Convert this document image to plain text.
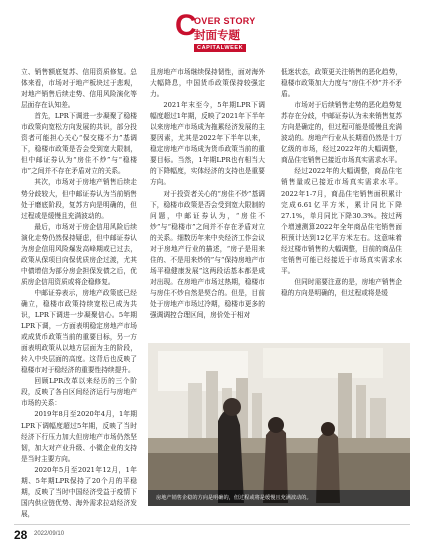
C
OVER STORY
封面专题
CAPITALWEEK

立、销售额底复苏、信用资质修复。总体来看，市场对于地产板块过于悲观，对地产销售后续走势、信用风险演化等层面存在认知差。

首先，LPR下调进一步凝聚了稳楼市政策向宽松方向发展的共识，部分投资者可能担心关心“保交楼不力”基调下，稳楼市政策是否会受到宽大限制，但中邮证券认为“房住不炒”与“稳楼市”之间并不存在矛盾对立的关系。

其次，市场对于房地产销售后续走势分歧较大，但中邮证券认为当前销售处于磨底阶段，复苏方向是明确的，但过程或是缓慢且充满波动的。

最后，市场对于房企信用风险后续演化走势仍然保持疑虑，但中邮证券认为房企信用风险爆发高峰期或已过去，政策从保项目向保优质房企过渡，尤其中债增信为部分房企担保发债之后，优质房企信用资质或将企稳修复。

中邮证券表示，房地产政策底已经确立，稳楼市政策持续宽松已成为共识，LPR下调进一步凝聚信心。5年期LPR下调，一方面表明稳定房地产市场或成货币政策当前的重要目标，另一方面表明政策从以地方层面为主的阶段，转入中央层面的高度。这背后也反映了稳楼市对于稳经济的重要性持续提升。

回顾LPR改革以来经历的三个阶段，反映了各自区间经济运行与房地产市场的关系：

2019年8月至2020年4月，1年期LPR下调幅度超过5年期，反映了当时经济下行压力加大但房地产市场仍然坚韧，加大对产业升级、小微企业的支持是当时主要方向。

2020年5月至2021年12月，1年期、5年期LPR保持了20个月的平稳期，反映了当时中国经济受益于疫情下国内供应链优势、海外需求拉动经济发展，

且房地产市场继续保持韧性，面对海外大幅降息，中国货币政策保持较强定力。

2021年末至今，5年期LPR下调幅度超过1年期，反映了2021年下半年以来房地产市场成为拖累经济发展的主要因素，尤其是2022年下半年以来，稳定房地产市场成为货币政策当前的重要目标。当然，1年期LPR也有相当大的下降幅度，实体经济的支持也是重要方向。

对于投资者关心的“房住不炒”基调下，稳楼市政策是否会受到宽大限制的问题，中邮证券认为，“房住不炒”与“稳楼市”之间并不存在矛盾对立的关系。细数历年来中央经济工作会议对于房地产行业的描述，“房子是用来住的、不是用来炒的”与“保持房地产市场平稳健康发展”这两段话基本都是成对出现。在房地产市场过热期，稳楼市与房住不炒自然是契合的。但是，目前处于房地产市场过冷期，稳楼市更多的强调调控合理区间，房价处于相对

低迷状态，政策更关注销售的恶化趋势，稳楼市政策加大力度与“房住不炒”并不矛盾。

市场对于后续销售走势的恶化趋势复苏存在分歧，中邮证券认为未来销售复苏方向是确定的，但过程可能是缓慢且充满波动的。房地产行业从长期看仍然是十万亿级的市场，经过2022年的大幅调整，商品住宅销售已接近市场真实需求水平。

经过2022年的大幅调整，商品住宅销售量或已接近市场真实需求水平。2022年1-7月，商品住宅销售面积累计完成6.61亿平方米，累计同比下降27.1%，单月同比下降30.3%。按过两个增速测算2022年全年商品住宅销售面积预计达到12亿平方米左右。这意味着经过楼市销售的大幅调整，目前的商品住宅销售可能已经接近于市场真实需求水平。

但同时需要注意的是，房地产销售企稳的方向是明确的，但过程或将是缓

房地产销售企稳的方向是明确的，但过程或将是缓慢且充满波动的。
28 2022/09/10
